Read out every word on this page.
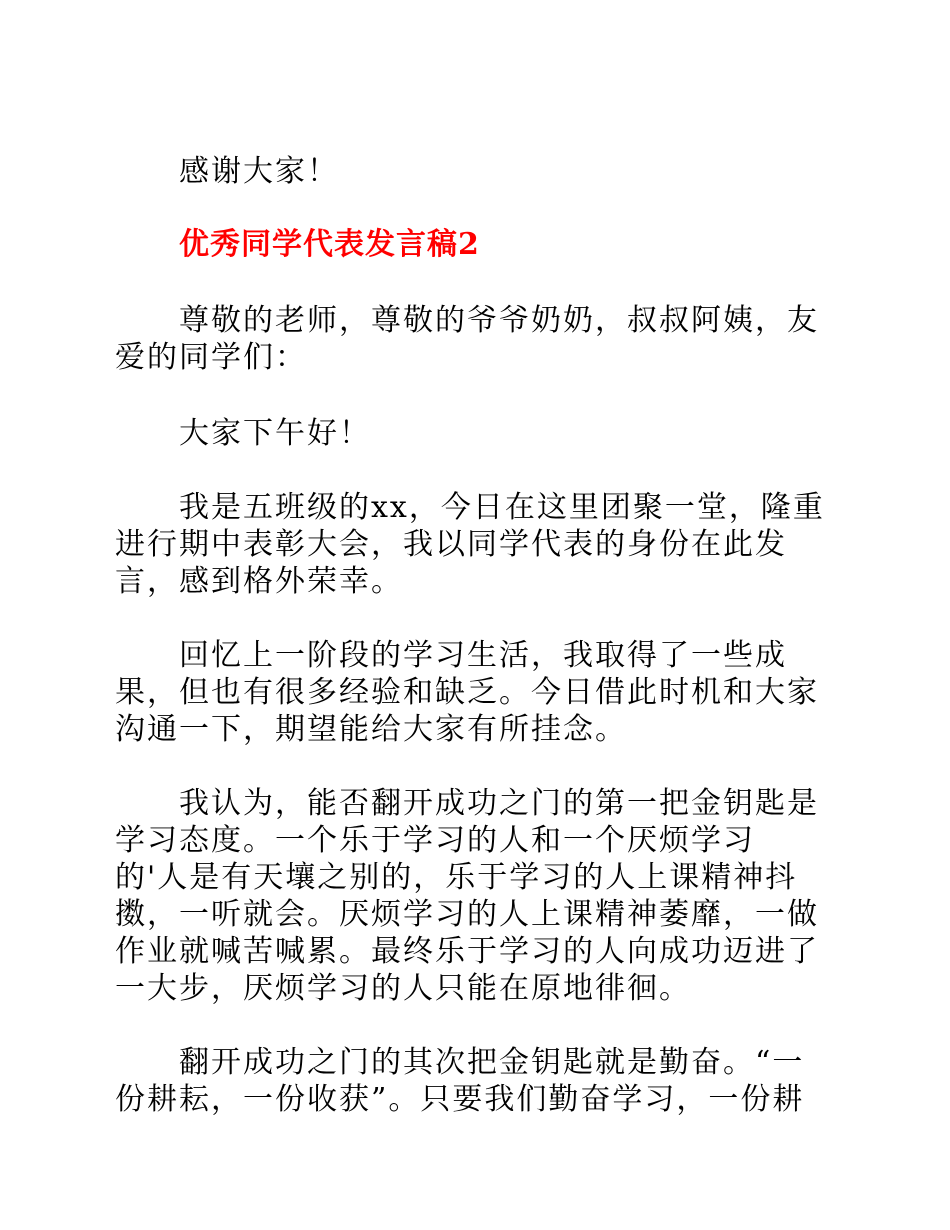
感谢大家！
优秀同学代表发言稿2
尊敬的老师，尊敬的爷爷奶奶，叔叔阿姨，友
爱的同学们：
大家下午好！
我是五班级的xx，今日在这里团聚一堂，隆重
进行期中表彰大会，我以同学代表的身份在此发
言，感到格外荣幸。
回忆上一阶段的学习生活，我取得了一些成
果，但也有很多经验和缺乏。今日借此时机和大家
沟通一下，期望能给大家有所挂念。
我认为，能否翻开成功之门的第一把金钥匙是
学习态度。一个乐于学习的人和一个厌烦学习
的'人是有天壤之别的，乐于学习的人上课精神抖
擞，一听就会。厌烦学习的人上课精神萎靡，一做
作业就喊苦喊累。最终乐于学习的人向成功迈进了
一大步，厌烦学习的人只能在原地徘徊。
翻开成功之门的其次把金钥匙就是勤奋。“一
份耕耘，一份收获”。只要我们勤奋学习，一份耕
